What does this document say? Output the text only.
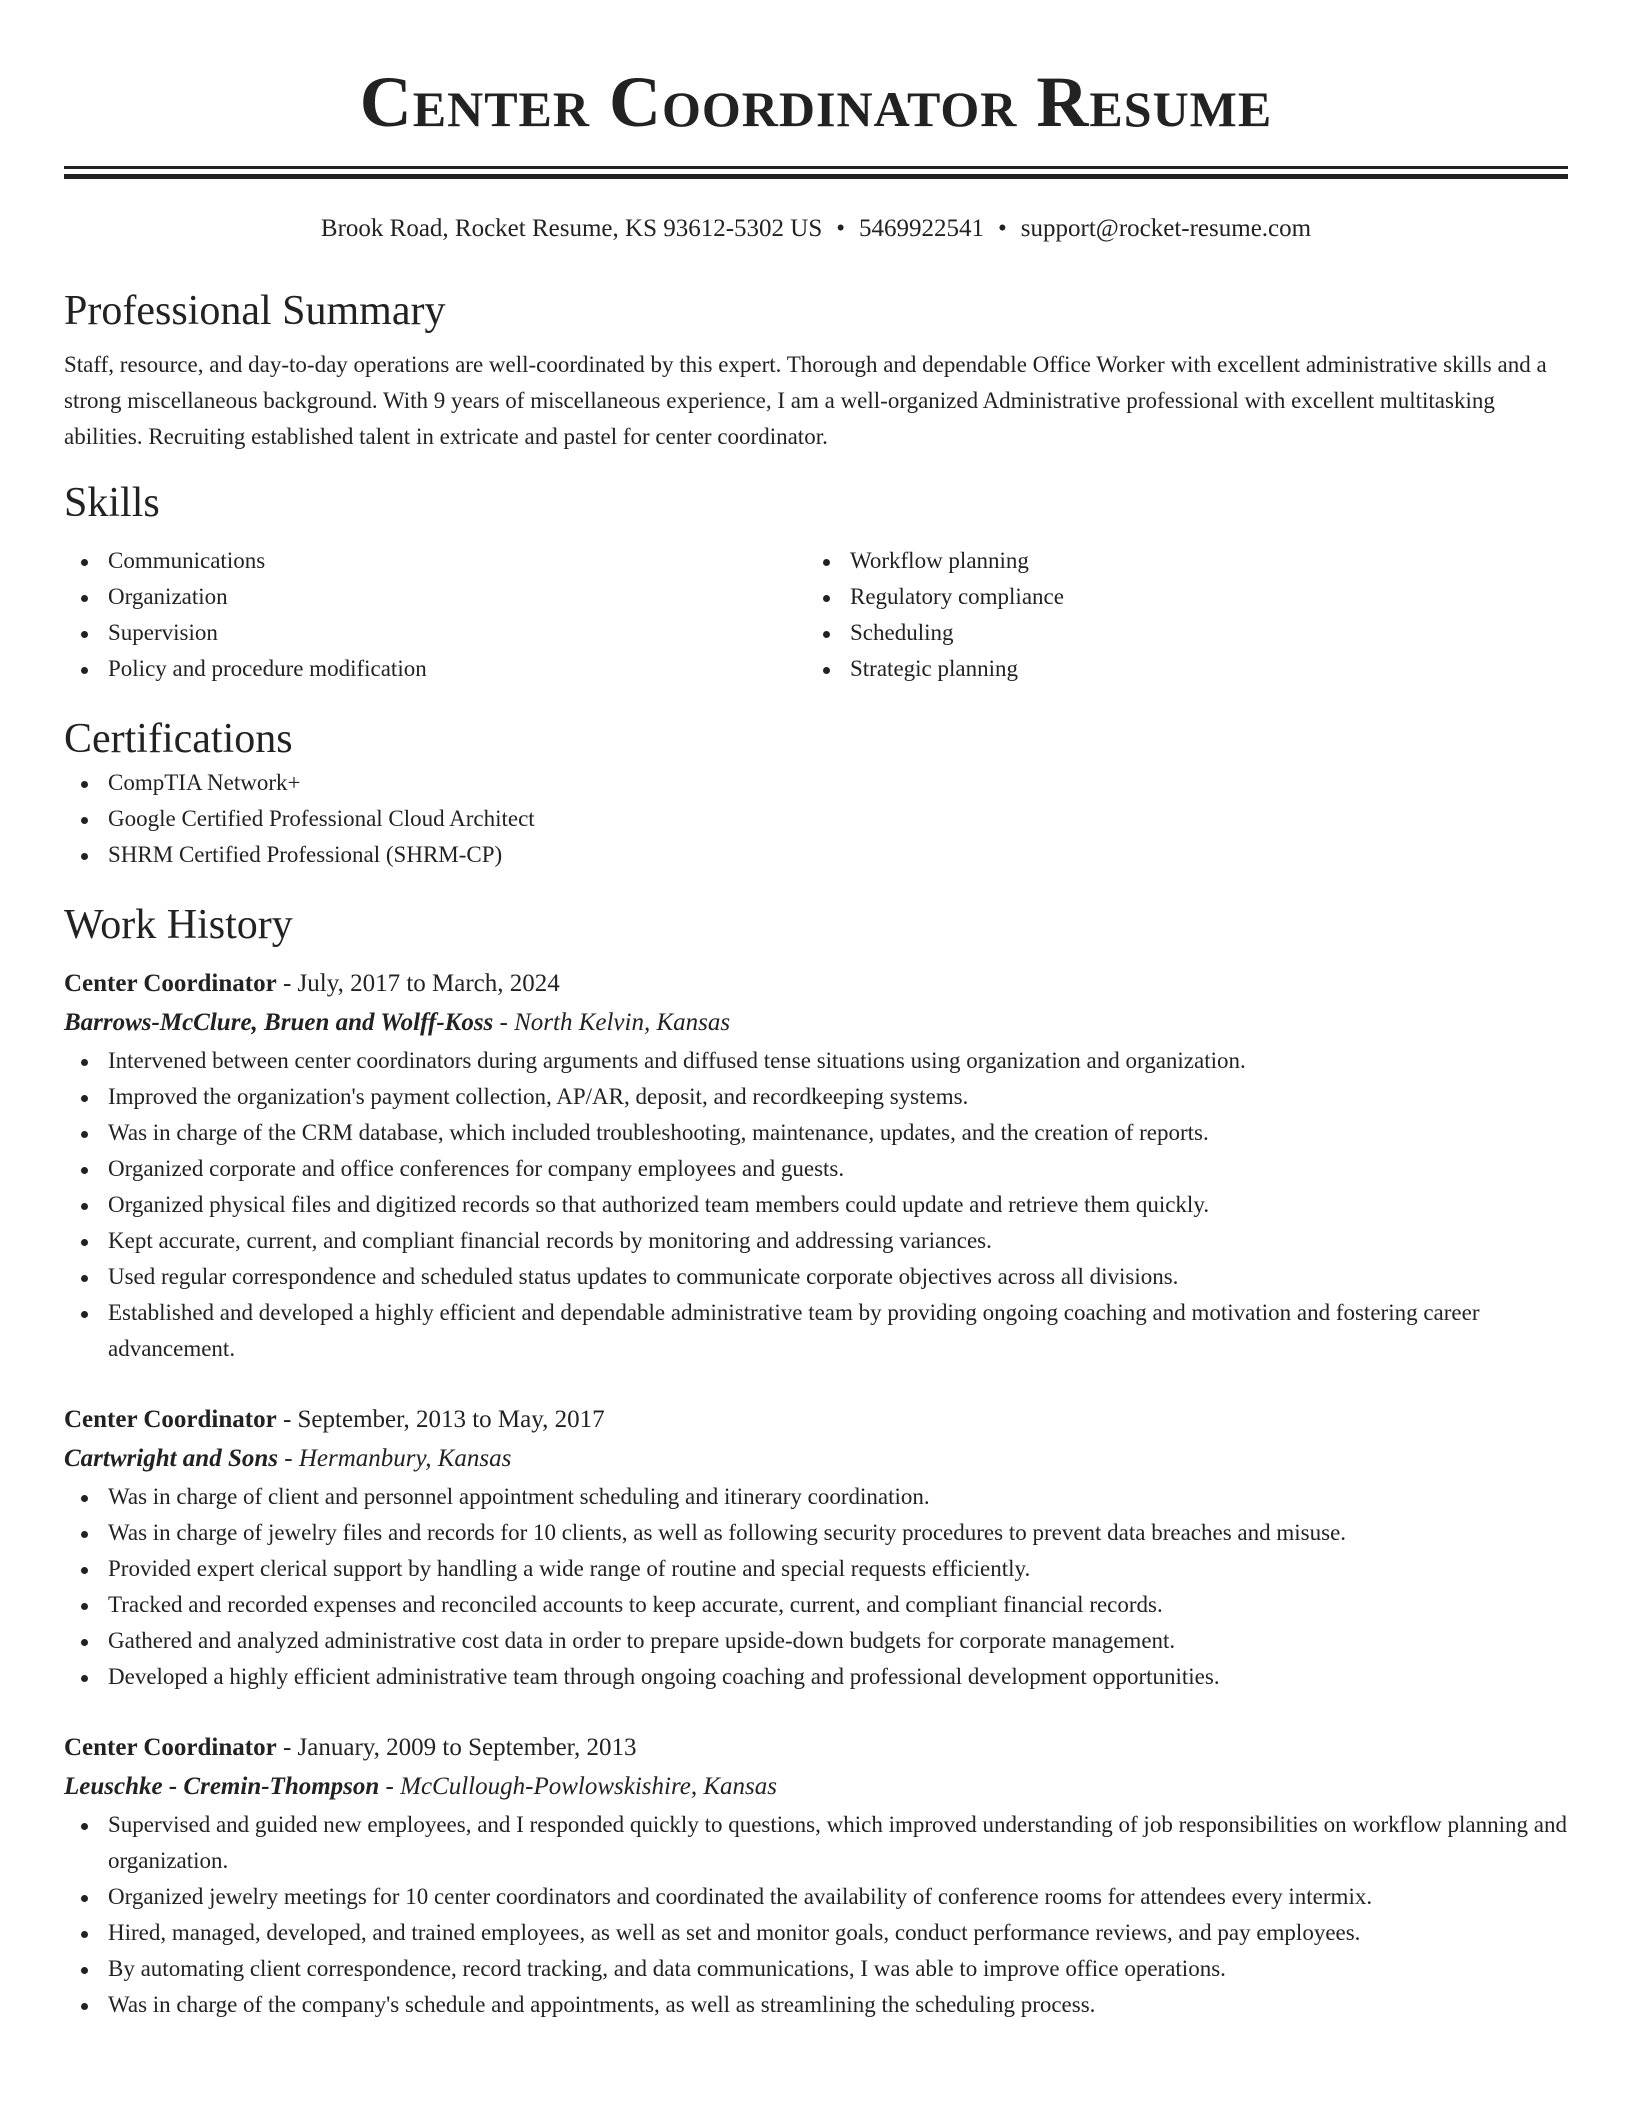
Center Coordinator Resume
Brook Road, Rocket Resume, KS 93612-5302 US • 5469922541 • support@rocket-resume.com
Professional Summary

Staff, resource, and day-to-day operations are well-coordinated by this expert. Thorough and dependable Office Worker with excellent administrative skills and a strong miscellaneous background. With 9 years of miscellaneous experience, I am a well-organized Administrative professional with excellent multitasking abilities. Recruiting established talent in extricate and pastel for center coordinator.

Skills
Communications
Organization
Supervision
Policy and procedure modification
Workflow planning
Regulatory compliance
Scheduling
Strategic planning
Certifications
CompTIA Network+
Google Certified Professional Cloud Architect
SHRM Certified Professional (SHRM-CP)
Work History
Center Coordinator - July, 2017 to March, 2024
Barrows-McClure, Bruen and Wolff-Koss - North Kelvin, Kansas
Intervened between center coordinators during arguments and diffused tense situations using organization and organization.
Improved the organization's payment collection, AP/AR, deposit, and recordkeeping systems.
Was in charge of the CRM database, which included troubleshooting, maintenance, updates, and the creation of reports.
Organized corporate and office conferences for company employees and guests.
Organized physical files and digitized records so that authorized team members could update and retrieve them quickly.
Kept accurate, current, and compliant financial records by monitoring and addressing variances.
Used regular correspondence and scheduled status updates to communicate corporate objectives across all divisions.
Established and developed a highly efficient and dependable administrative team by providing ongoing coaching and motivation and fostering career advancement.
Center Coordinator - September, 2013 to May, 2017
Cartwright and Sons - Hermanbury, Kansas
Was in charge of client and personnel appointment scheduling and itinerary coordination.
Was in charge of jewelry files and records for 10 clients, as well as following security procedures to prevent data breaches and misuse.
Provided expert clerical support by handling a wide range of routine and special requests efficiently.
Tracked and recorded expenses and reconciled accounts to keep accurate, current, and compliant financial records.
Gathered and analyzed administrative cost data in order to prepare upside-down budgets for corporate management.
Developed a highly efficient administrative team through ongoing coaching and professional development opportunities.
Center Coordinator - January, 2009 to September, 2013
Leuschke - Cremin-Thompson - McCullough-Powlowskishire, Kansas
Supervised and guided new employees, and I responded quickly to questions, which improved understanding of job responsibilities on workflow planning and organization.
Organized jewelry meetings for 10 center coordinators and coordinated the availability of conference rooms for attendees every intermix.
Hired, managed, developed, and trained employees, as well as set and monitor goals, conduct performance reviews, and pay employees.
By automating client correspondence, record tracking, and data communications, I was able to improve office operations.
Was in charge of the company's schedule and appointments, as well as streamlining the scheduling process.
